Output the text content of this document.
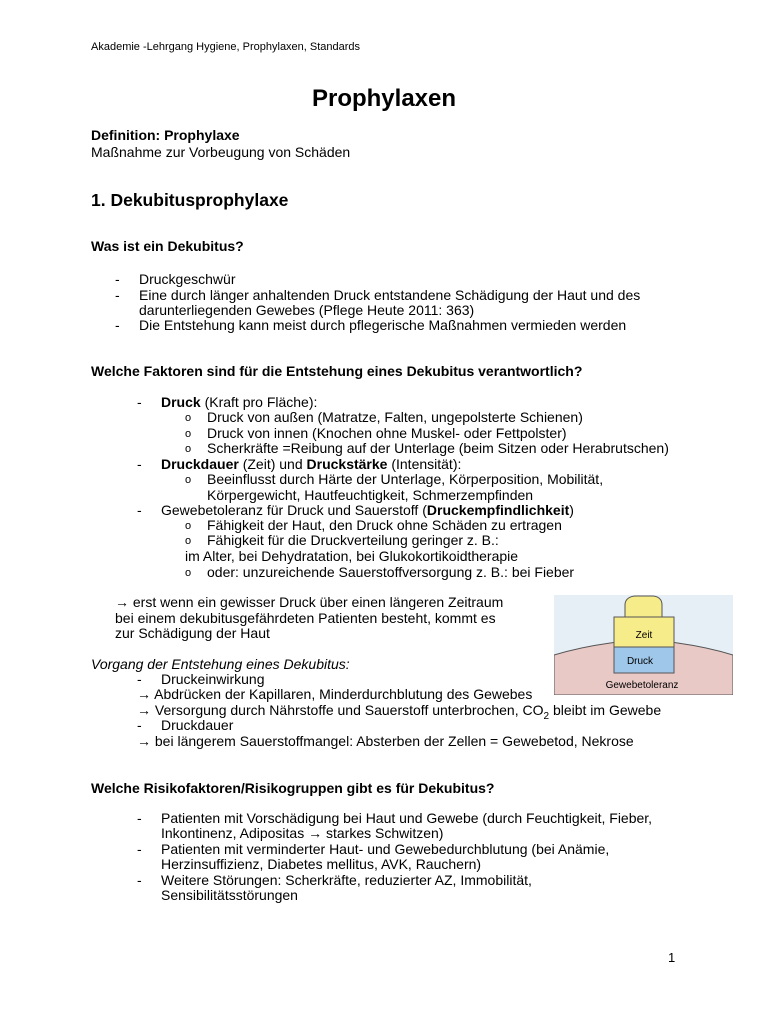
Akademie -Lehrgang Hygiene, Prophylaxen, Standards
Prophylaxen
Definition: Prophylaxe
Maßnahme zur Vorbeugung von Schäden
1. Dekubitusprophylaxe
Was ist ein Dekubitus?
- Druckgeschwür
- Eine durch länger anhaltenden Druck entstandene Schädigung der Haut und des
darunterliegenden Gewebes (Pflege Heute 2011: 363)
- Die Entstehung kann meist durch pflegerische Maßnahmen vermieden werden
Welche Faktoren sind für die Entstehung eines Dekubitus verantwortlich?
- Druck (Kraft pro Fläche):
o Druck von außen (Matratze, Falten, ungepolsterte Schienen)
o Druck von innen (Knochen ohne Muskel- oder Fettpolster)
o Scherkräfte =Reibung auf der Unterlage (beim Sitzen oder Herabrutschen)
- Druckdauer (Zeit) und Druckstärke (Intensität):
o Beeinflusst durch Härte der Unterlage, Körperposition, Mobilität,
Körpergewicht, Hautfeuchtigkeit, Schmerzempfinden
- Gewebetoleranz für Druck und Sauerstoff (Druckempfindlichkeit)
o Fähigkeit der Haut, den Druck ohne Schäden zu ertragen
o Fähigkeit für die Druckverteilung geringer z. B.:
im Alter, bei Dehydratation, bei Glukokortikoidtherapie
o oder: unzureichende Sauerstoffversorgung z. B.: bei Fieber
→ erst wenn ein gewisser Druck über einen längeren Zeitraum
bei einem dekubitusgefährdeten Patienten besteht, kommt es
zur Schädigung der Haut	Zeit
Druck
Gewebetoleranz
Vorgang der Entstehung eines Dekubitus:
- Druckeinwirkung
→ Abdrücken der Kapillaren, Minderdurchblutung des Gewebes
→ Versorgung durch Nährstoffe und Sauerstoff unterbrochen, $CO_2$ bleibt im Gewebe
- Druckdauer
→ bei längerem Sauerstoffmangel: Absterben der Zellen = Gewebetod, Nekrose
Welche Risikofaktoren/Risikogruppen gibt es für Dekubitus?
- Patienten mit Vorschädigung bei Haut und Gewebe (durch Feuchtigkeit, Fieber,
Inkontinenz, Adipositas → starkes Schwitzen)
- Patienten mit verminderter Haut- und Gewebedurchblutung (bei Anämie,
Herzinsuffizienz, Diabetes mellitus, AVK, Rauchern)
- Weitere Störungen: Scherkräfte, reduzierter AZ, Immobilität,
Sensibilitätsstörungen
1
